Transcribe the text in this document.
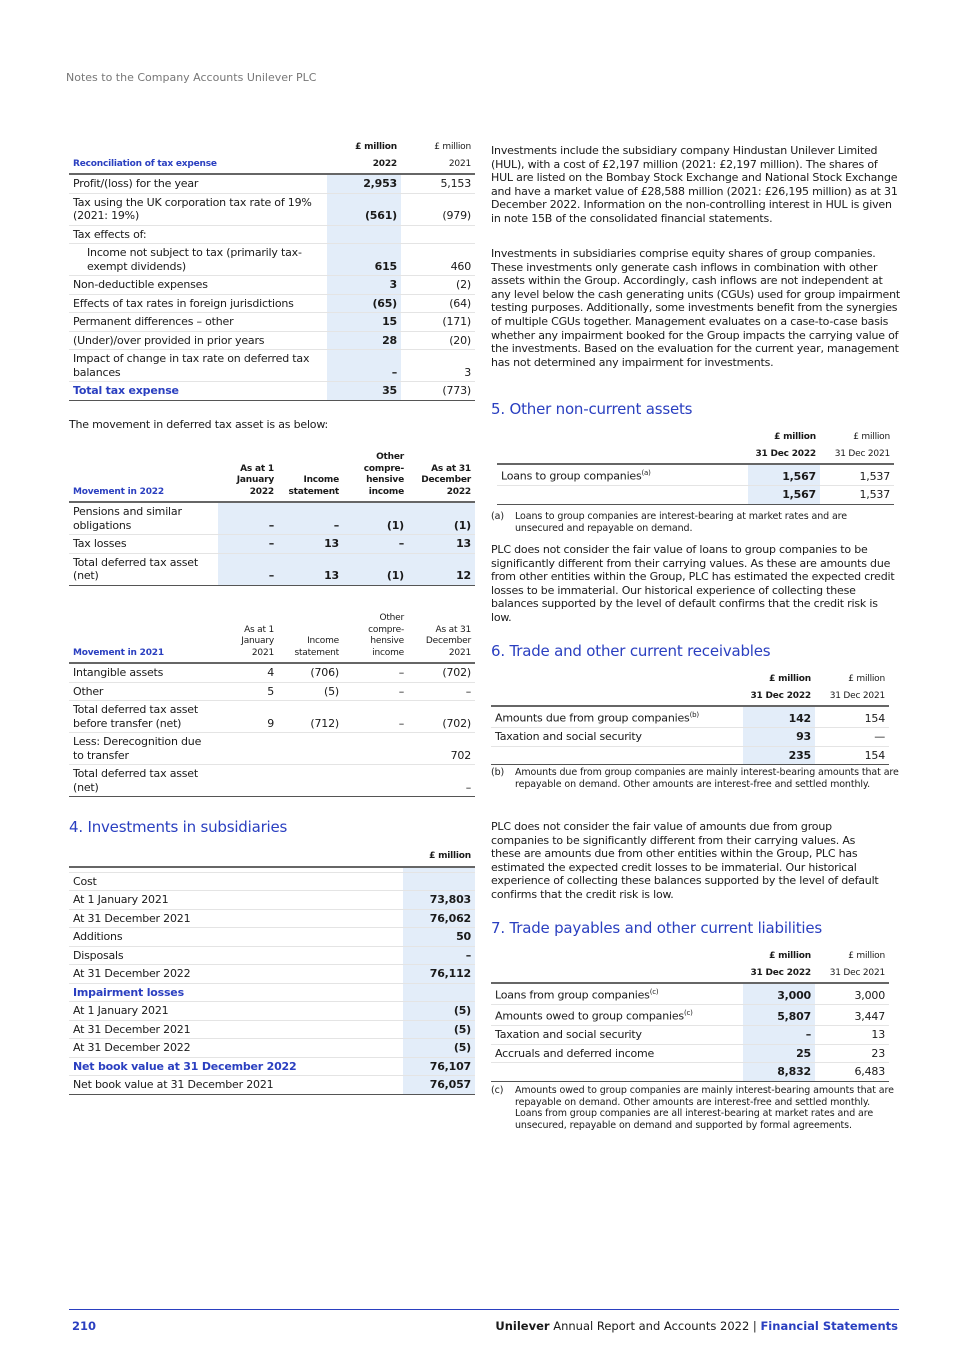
Notes to the Company Accounts Unilever PLC
	£ million	£ million
Reconciliation of tax expense	2022	2021
Profit/(loss) for the year	2,953	5,153
Tax using the UK corporation tax rate of 19% (2021: 19%)	(561)	(979)
Tax effects of:		
Income not subject to tax (primarily tax-exempt dividends)	615	460
Non-deductible expenses	3	(2)
Effects of tax rates in foreign jurisdictions	(65)	(64)
Permanent differences – other	15	(171)
(Under)/over provided in prior years	28	(20)
Impact of change in tax rate on deferred tax balances	–	3
Total tax expense	35	(773)
The movement in deferred tax asset is as below:
Movement in 2022	As at 1 January 2022	Income statement	Other compre-hensive income	As at 31 December 2022
Pensions and similar obligations	–	–	(1)	(1)
Tax losses	–	13	–	13
Total deferred tax asset (net)	–	13	(1)	12
Movement in 2021	As at 1 January 2021	Income statement	Other compre-hensive income	As at 31 December 2021
Intangible assets	4	(706)	–	(702)
Other	5	(5)	–	–
Total deferred tax asset before transfer (net)	9	(712)	–	(702)
Less: Derecognition due to transfer				702
Total deferred tax asset (net)				–
4. Investments in subsidiaries
	£ million

Cost	
At 1 January 2021	73,803
At 31 December 2021	76,062
Additions	50
Disposals	–
At 31 December 2022	76,112
Impairment losses	
At 1 January 2021	(5)
At 31 December 2021	(5)
At 31 December 2022	(5)
Net book value at 31 December 2022	76,107
Net book value at 31 December 2021	76,057
Investments include the subsidiary company Hindustan Unilever Limited (HUL), with a cost of £2,197 million (2021: £2,197 million). The shares of HUL are listed on the Bombay Stock Exchange and National Stock Exchange and have a market value of £28,588 million (2021: £26,195 million) as at 31 December 2022. Information on the non-controlling interest in HUL is given in note 15B of the consolidated financial statements.
Investments in subsidiaries comprise equity shares of group companies. These investments only generate cash inflows in combination with other assets within the Group. Accordingly, cash inflows are not independent at any level below the cash generating units (CGUs) used for group impairment testing purposes. Additionally, some investments benefit from the synergies of multiple CGUs together. Management evaluates on a case-to-case basis whether any impairment booked for the Group impacts the carrying value of the investments. Based on the evaluation for the current year, management has not determined any impairment for investments.
5. Other non-current assets
	£ million	£ million
	31 Dec 2022	31 Dec 2021
Loans to group companies$^{(a)}$	1,567	1,537
	1,567	1,537
(a)	Loans to group companies are interest-bearing at market rates and are unsecured and repayable on demand.
PLC does not consider the fair value of loans to group companies to be significantly different from their carrying values. As these are amounts due from other entities within the Group, PLC has estimated the expected credit losses to be immaterial. Our historical experience of collecting these balances supported by the level of default confirms that the credit risk is low.
6. Trade and other current receivables
	£ million	£ million
	31 Dec 2022	31 Dec 2021
Amounts due from group companies$^{(b)}$	142	154
Taxation and social security	93	—
	235	154
(b)	Amounts due from group companies are mainly interest-bearing amounts that are repayable on demand. Other amounts are interest-free and settled monthly.
PLC does not consider the fair value of amounts due from group companies to be significantly different from their carrying values. As these are amounts due from other entities within the Group, PLC has estimated the expected credit losses to be immaterial. Our historical experience of collecting these balances supported by the level of default confirms that the credit risk is low.
7. Trade payables and other current liabilities
	£ million	£ million
	31 Dec 2022	31 Dec 2021
Loans from group companies$^{(c)}$	3,000	3,000
Amounts owed to group companies$^{(c)}$	5,807	3,447
Taxation and social security	–	13
Accruals and deferred income	25	23
	8,832	6,483
(c)	Amounts owed to group companies are mainly interest-bearing amounts that are repayable on demand. Other amounts are interest-free and settled monthly. Loans from group companies are all interest-bearing at market rates and are unsecured, repayable on demand and supported by formal agreements.
210	Unilever Annual Report and Accounts 2022 | Financial Statements
